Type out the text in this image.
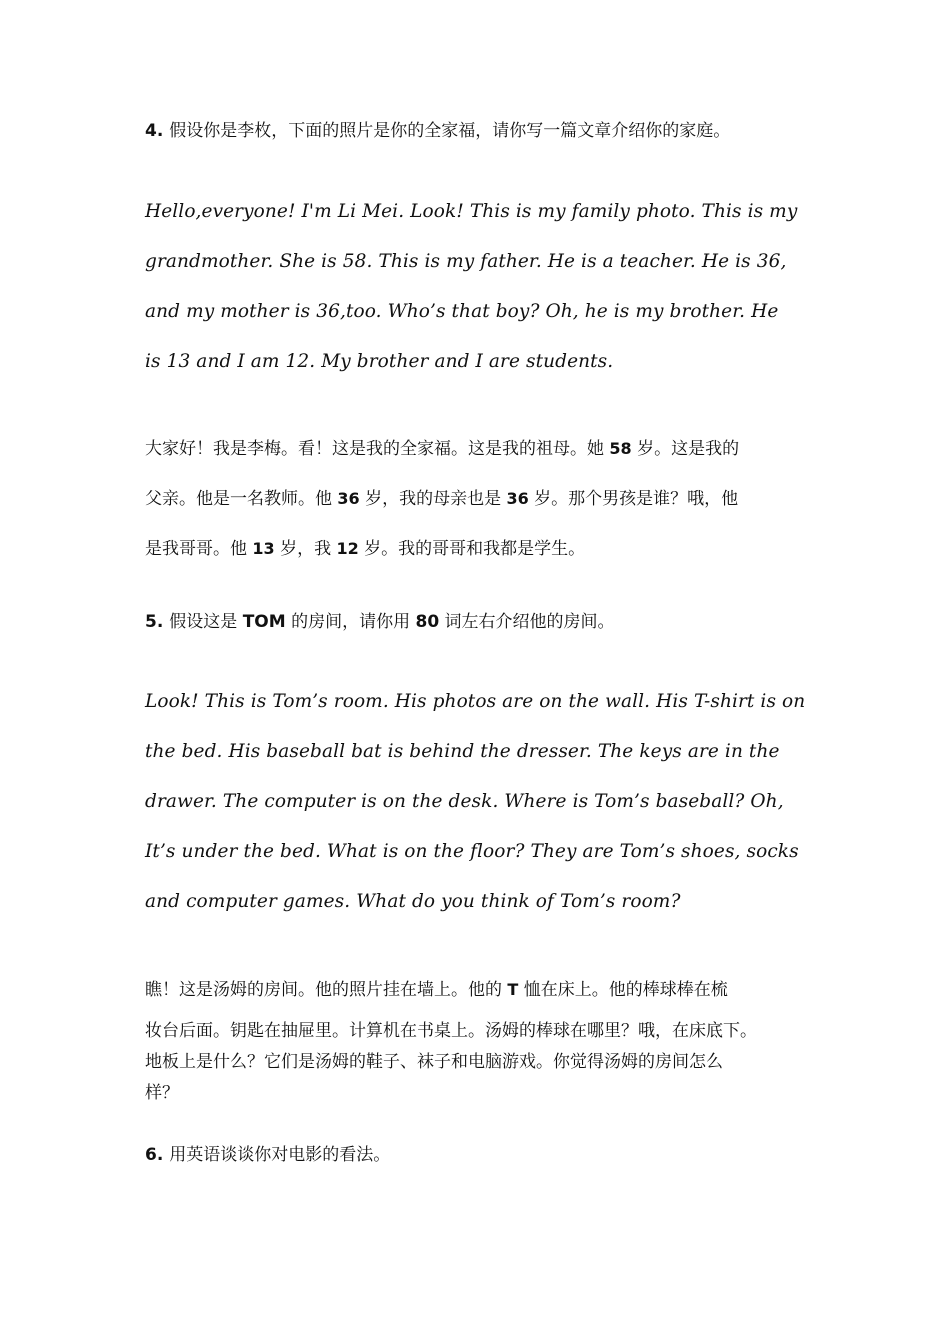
4. 假设你是李枚，下面的照片是你的全家福，请你写一篇文章介绍你的家庭。

Hello,everyone! I'm Li Mei. Look! This is my family photo. This is my

grandmother. She is 58. This is my father. He is a teacher. He is 36,

and my mother is 36,too. Who’s that boy? Oh, he is my brother. He

is 13 and I am 12. My brother and I are students.

大家好！我是李梅。看！这是我的全家福。这是我的祖母。她 58 岁。这是我的

父亲。他是一名教师。他 36 岁，我的母亲也是 36 岁。那个男孩是谁？哦，他

是我哥哥。他 13 岁，我 12 岁。我的哥哥和我都是学生。

5. 假设这是 TOM 的房间，请你用 80 词左右介绍他的房间。

Look! This is Tom’s room. His photos are on the wall. His T-shirt is on

the bed. His baseball bat is behind the dresser. The keys are in the

drawer. The computer is on the desk. Where is Tom’s baseball? Oh,

It’s under the bed. What is on the floor? They are Tom’s shoes, socks

and computer games. What do you think of Tom’s room?

瞧！这是汤姆的房间。他的照片挂在墙上。他的 T 恤在床上。他的棒球棒在梳

妆台后面。钥匙在抽屉里。计算机在书桌上。汤姆的棒球在哪里？哦，在床底下。

地板上是什么？它们是汤姆的鞋子、袜子和电脑游戏。你觉得汤姆的房间怎么

样？

6. 用英语谈谈你对电影的看法。
